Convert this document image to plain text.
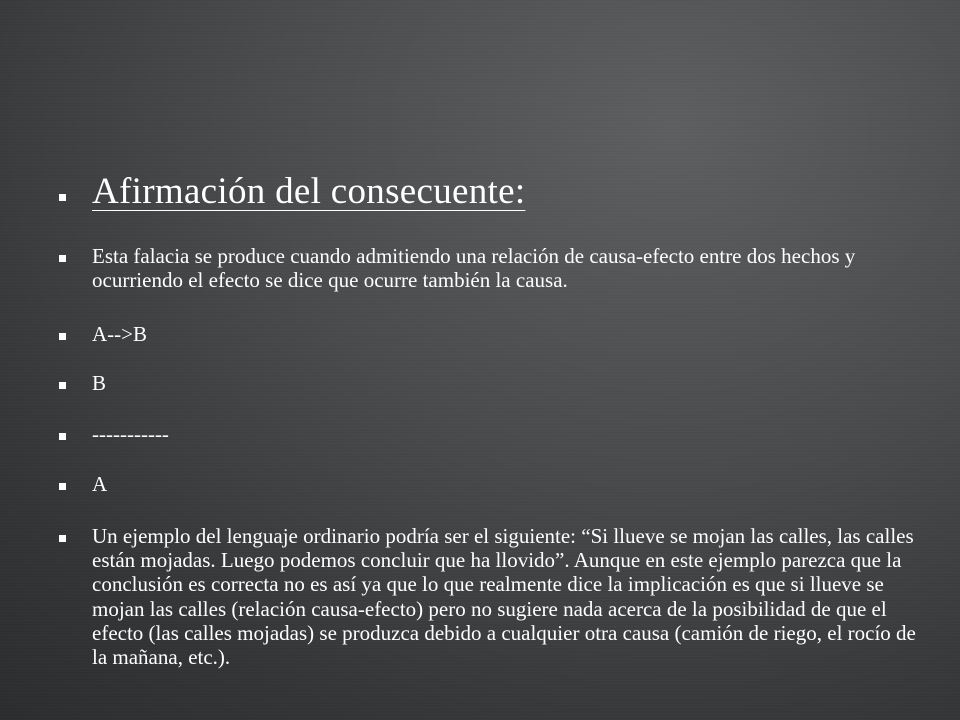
Afirmación del consecuente:
Esta falacia se produce cuando admitiendo una relación de causa-efecto entre dos hechos y ocurriendo el efecto se dice que ocurre también la causa.
A-->B
B
-----------
A
Un ejemplo del lenguaje ordinario podría ser el siguiente: “Si llueve se mojan las calles, las calles están mojadas. Luego podemos concluir que ha llovido”. Aunque en este ejemplo parezca que la conclusión es correcta no es así ya que lo que realmente dice la implicación es que si llueve se mojan las calles (relación causa-efecto) pero no sugiere nada acerca de la posibilidad de que el efecto (las calles mojadas) se produzca debido a cualquier otra causa (camión de riego, el rocío de la mañana, etc.).
